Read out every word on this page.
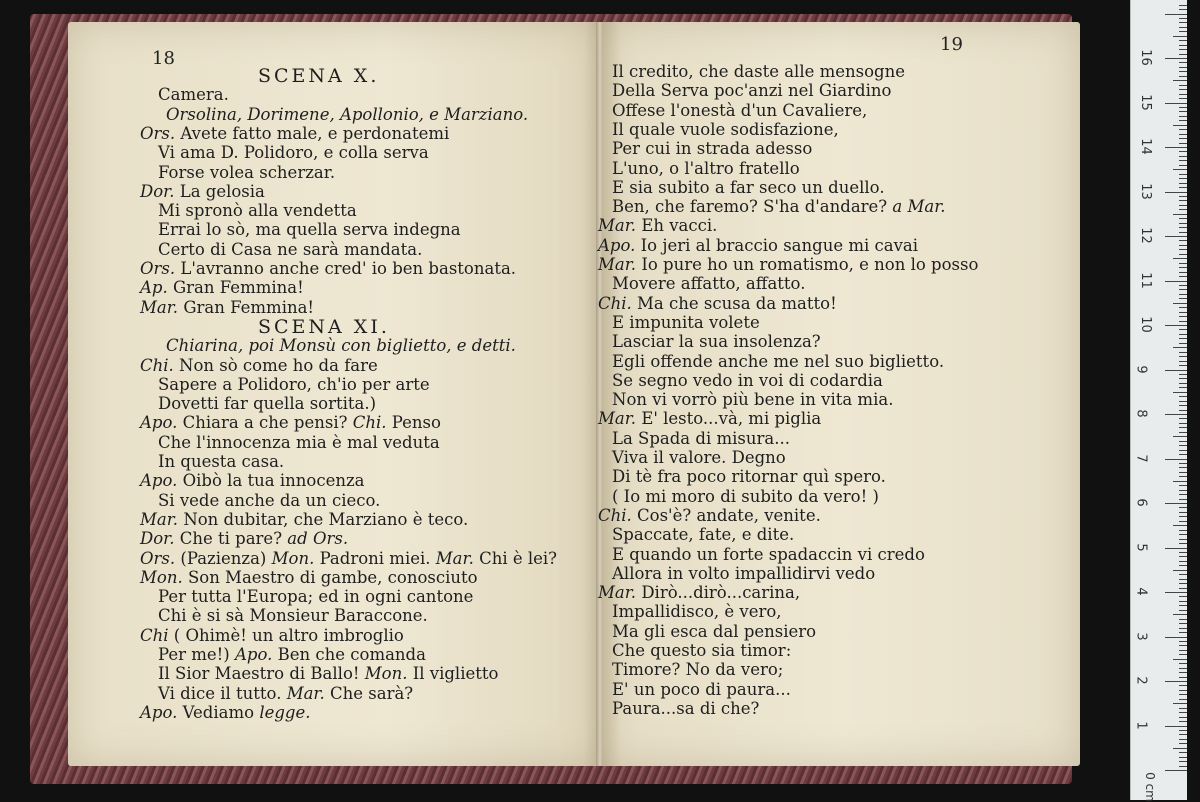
18
SCENA X.
Camera.
Orsolina, Dorimene, Apollonio, e Marziano.
Ors. Avete fatto male, e perdonatemi
Vi ama D. Polidoro, e colla serva
Forse volea scherzar.
Dor. La gelosia
Mi spronò alla vendetta
Errai lo sò, ma quella serva indegna
Certo di Casa ne sarà mandata.
Ors. L'avranno anche cred' io ben bastonata.
Ap. Gran Femmina!
Mar. Gran Femmina!
SCENA XI.
Chiarina, poi Monsù con biglietto, e detti.
Chi. Non sò come ho da fare
Sapere a Polidoro, ch'io per arte
Dovetti far quella sortita.)
Apo. Chiara a che pensi? Chi. Penso
Che l'innocenza mia è mal veduta
In questa casa.
Apo. Oibò la tua innocenza
Si vede anche da un cieco.
Mar. Non dubitar, che Marziano è teco.
Dor. Che ti pare? ad Ors.
Ors. (Pazienza) Mon. Padroni miei. Mar. Chi è lei?
Mon. Son Maestro di gambe, conosciuto
Per tutta l'Europa; ed in ogni cantone
Chi è si sà Monsieur Baraccone.
Chi ( Ohimè! un altro imbroglio
Per me!) Apo. Ben che comanda
Il Sior Maestro di Ballo! Mon. Il viglietto
Vi dice il tutto. Mar. Che sarà?
Apo. Vediamo legge.
19
Il credito, che daste alle mensogne
Della Serva poc'anzi nel Giardino
Offese l'onestà d'un Cavaliere,
Il quale vuole sodisfazione,
Per cui in strada adesso
L'uno, o l'altro fratello
E sia subito a far seco un duello.
Ben, che faremo? S'ha d'andare? a Mar.
Mar. Eh vacci.
Apo. Io jeri al braccio sangue mi cavai
Mar. Io pure ho un romatismo, e non lo posso
Movere affatto, affatto.
Chi. Ma che scusa da matto!
E impunita volete
Lasciar la sua insolenza?
Egli offende anche me nel suo biglietto.
Se segno vedo in voi di codardia
Non vi vorrò più bene in vita mia.
Mar. E' lesto...và, mi piglia
La Spada di misura...
Viva il valore. Degno
Di tè fra poco ritornar quì spero.
( Io mi moro di subito da vero! )
Chi. Cos'è? andate, venite.
Spaccate, fate, e dite.
E quando un forte spadaccin vi credo
Allora in volto impallidirvi vedo
Mar. Dirò...dirò...carina,
Impallidisco, è vero,
Ma gli esca dal pensiero
Che questo sia timor:
Timore? No da vero;
E' un poco di paura...
Paura...sa di che?
1
2
3
4
5
6
7
8
9
10
11
12
13
14
15
16
0 cm
